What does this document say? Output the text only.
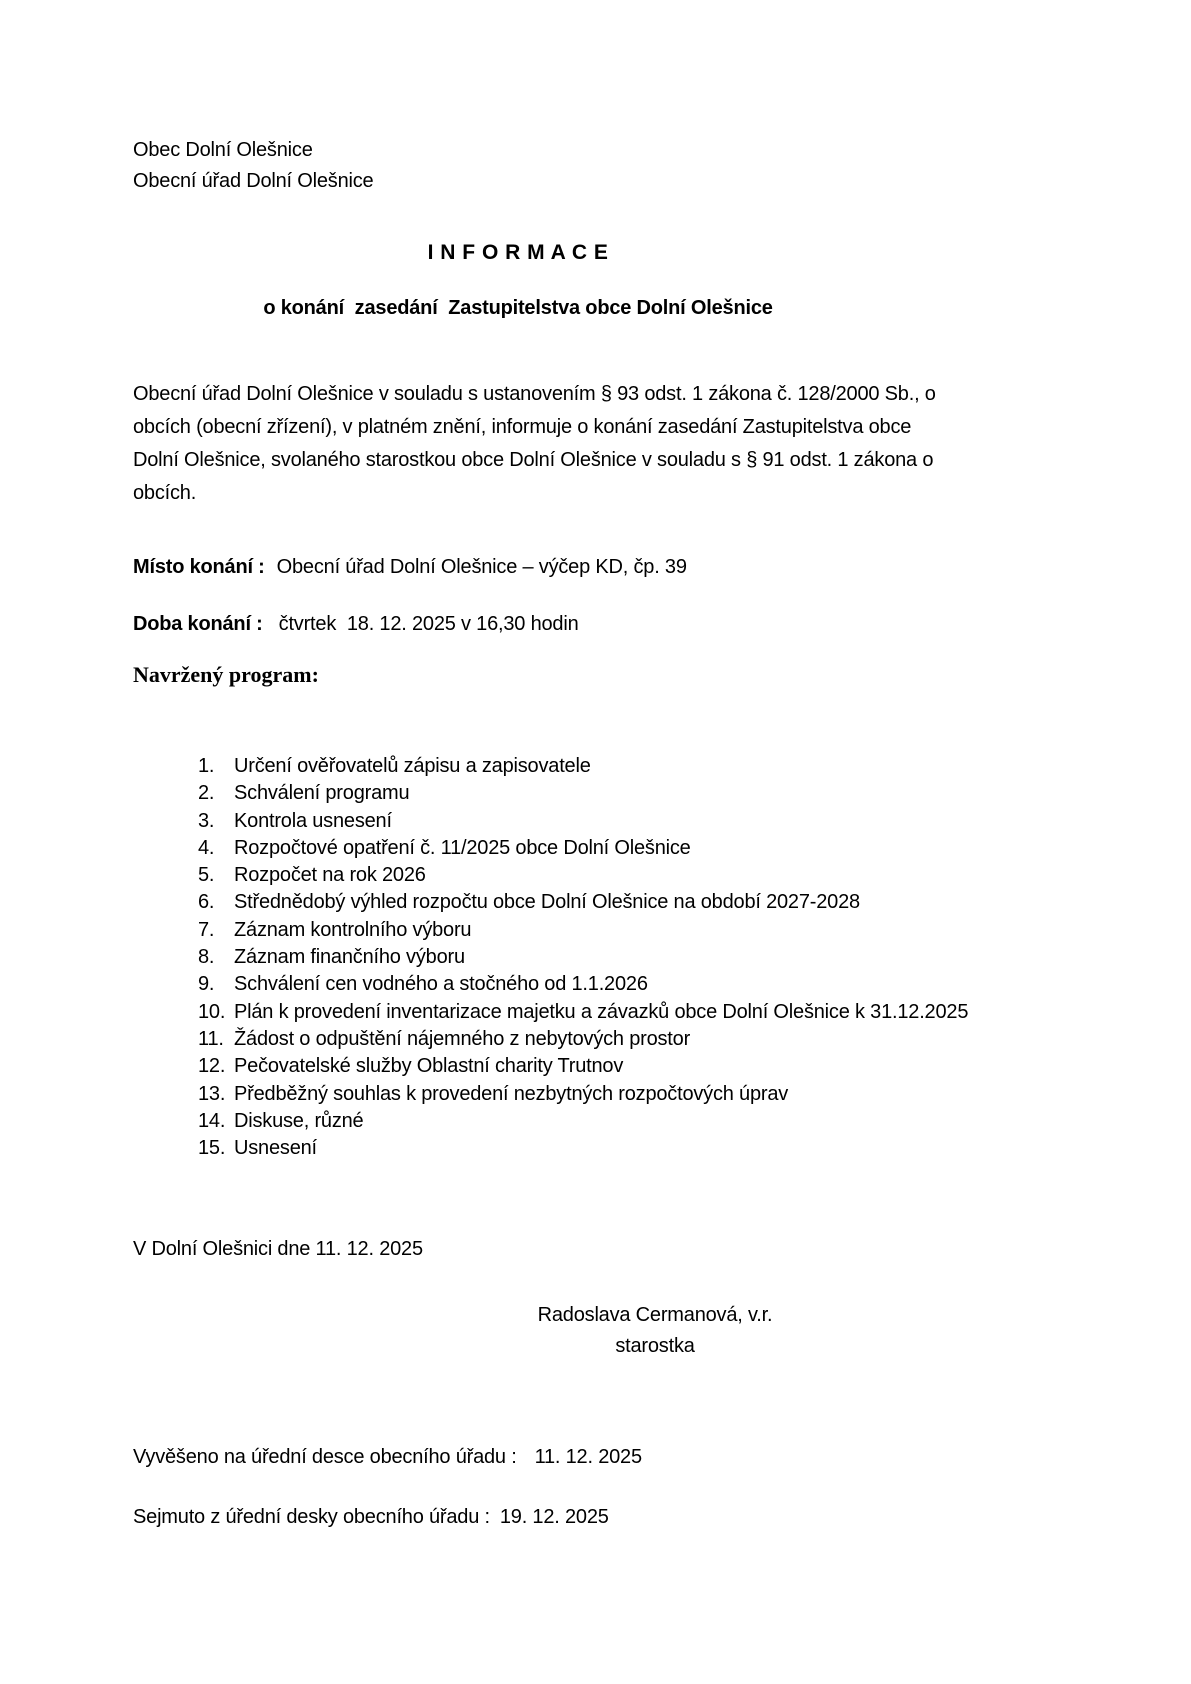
Obec Dolní Olešnice
Obecní úřad Dolní Olešnice
I N F O R M A C E
o konání  zasedání  Zastupitelstva obce Dolní Olešnice
Obecní úřad Dolní Olešnice v souladu s ustanovením § 93 odst. 1 zákona č. 128/2000 Sb., o
obcích (obecní zřízení), v platném znění, informuje o konání zasedání Zastupitelstva obce
Dolní Olešnice, svolaného starostkou obce Dolní Olešnice v souladu s § 91 odst. 1 zákona o
obcích.
Místo konání : Obecní úřad Dolní Olešnice – výčep KD, čp. 39
Doba konání : čtvrtek  18. 12. 2025 v 16,30 hodin
Navržený program:
1. Určení ověřovatelů zápisu a zapisovatele
2. Schválení programu
3. Kontrola usnesení
4. Rozpočtové opatření č. 11/2025 obce Dolní Olešnice
5. Rozpočet na rok 2026
6. Střednědobý výhled rozpočtu obce Dolní Olešnice na období 2027-2028
7. Záznam kontrolního výboru
8. Záznam finančního výboru
9. Schválení cen vodného a stočného od 1.1.2026
10. Plán k provedení inventarizace majetku a závazků obce Dolní Olešnice k 31.12.2025
11. Žádost o odpuštění nájemného z nebytových prostor
12. Pečovatelské služby Oblastní charity Trutnov
13. Předběžný souhlas k provedení nezbytných rozpočtových úprav
14. Diskuse, různé
15. Usnesení
V Dolní Olešnici dne 11. 12. 2025
Radoslava Cermanová, v.r.
starostka
Vyvěšeno na úřední desce obecního úřadu : 11. 12. 2025
Sejmuto z úřední desky obecního úřadu : 19. 12. 2025
